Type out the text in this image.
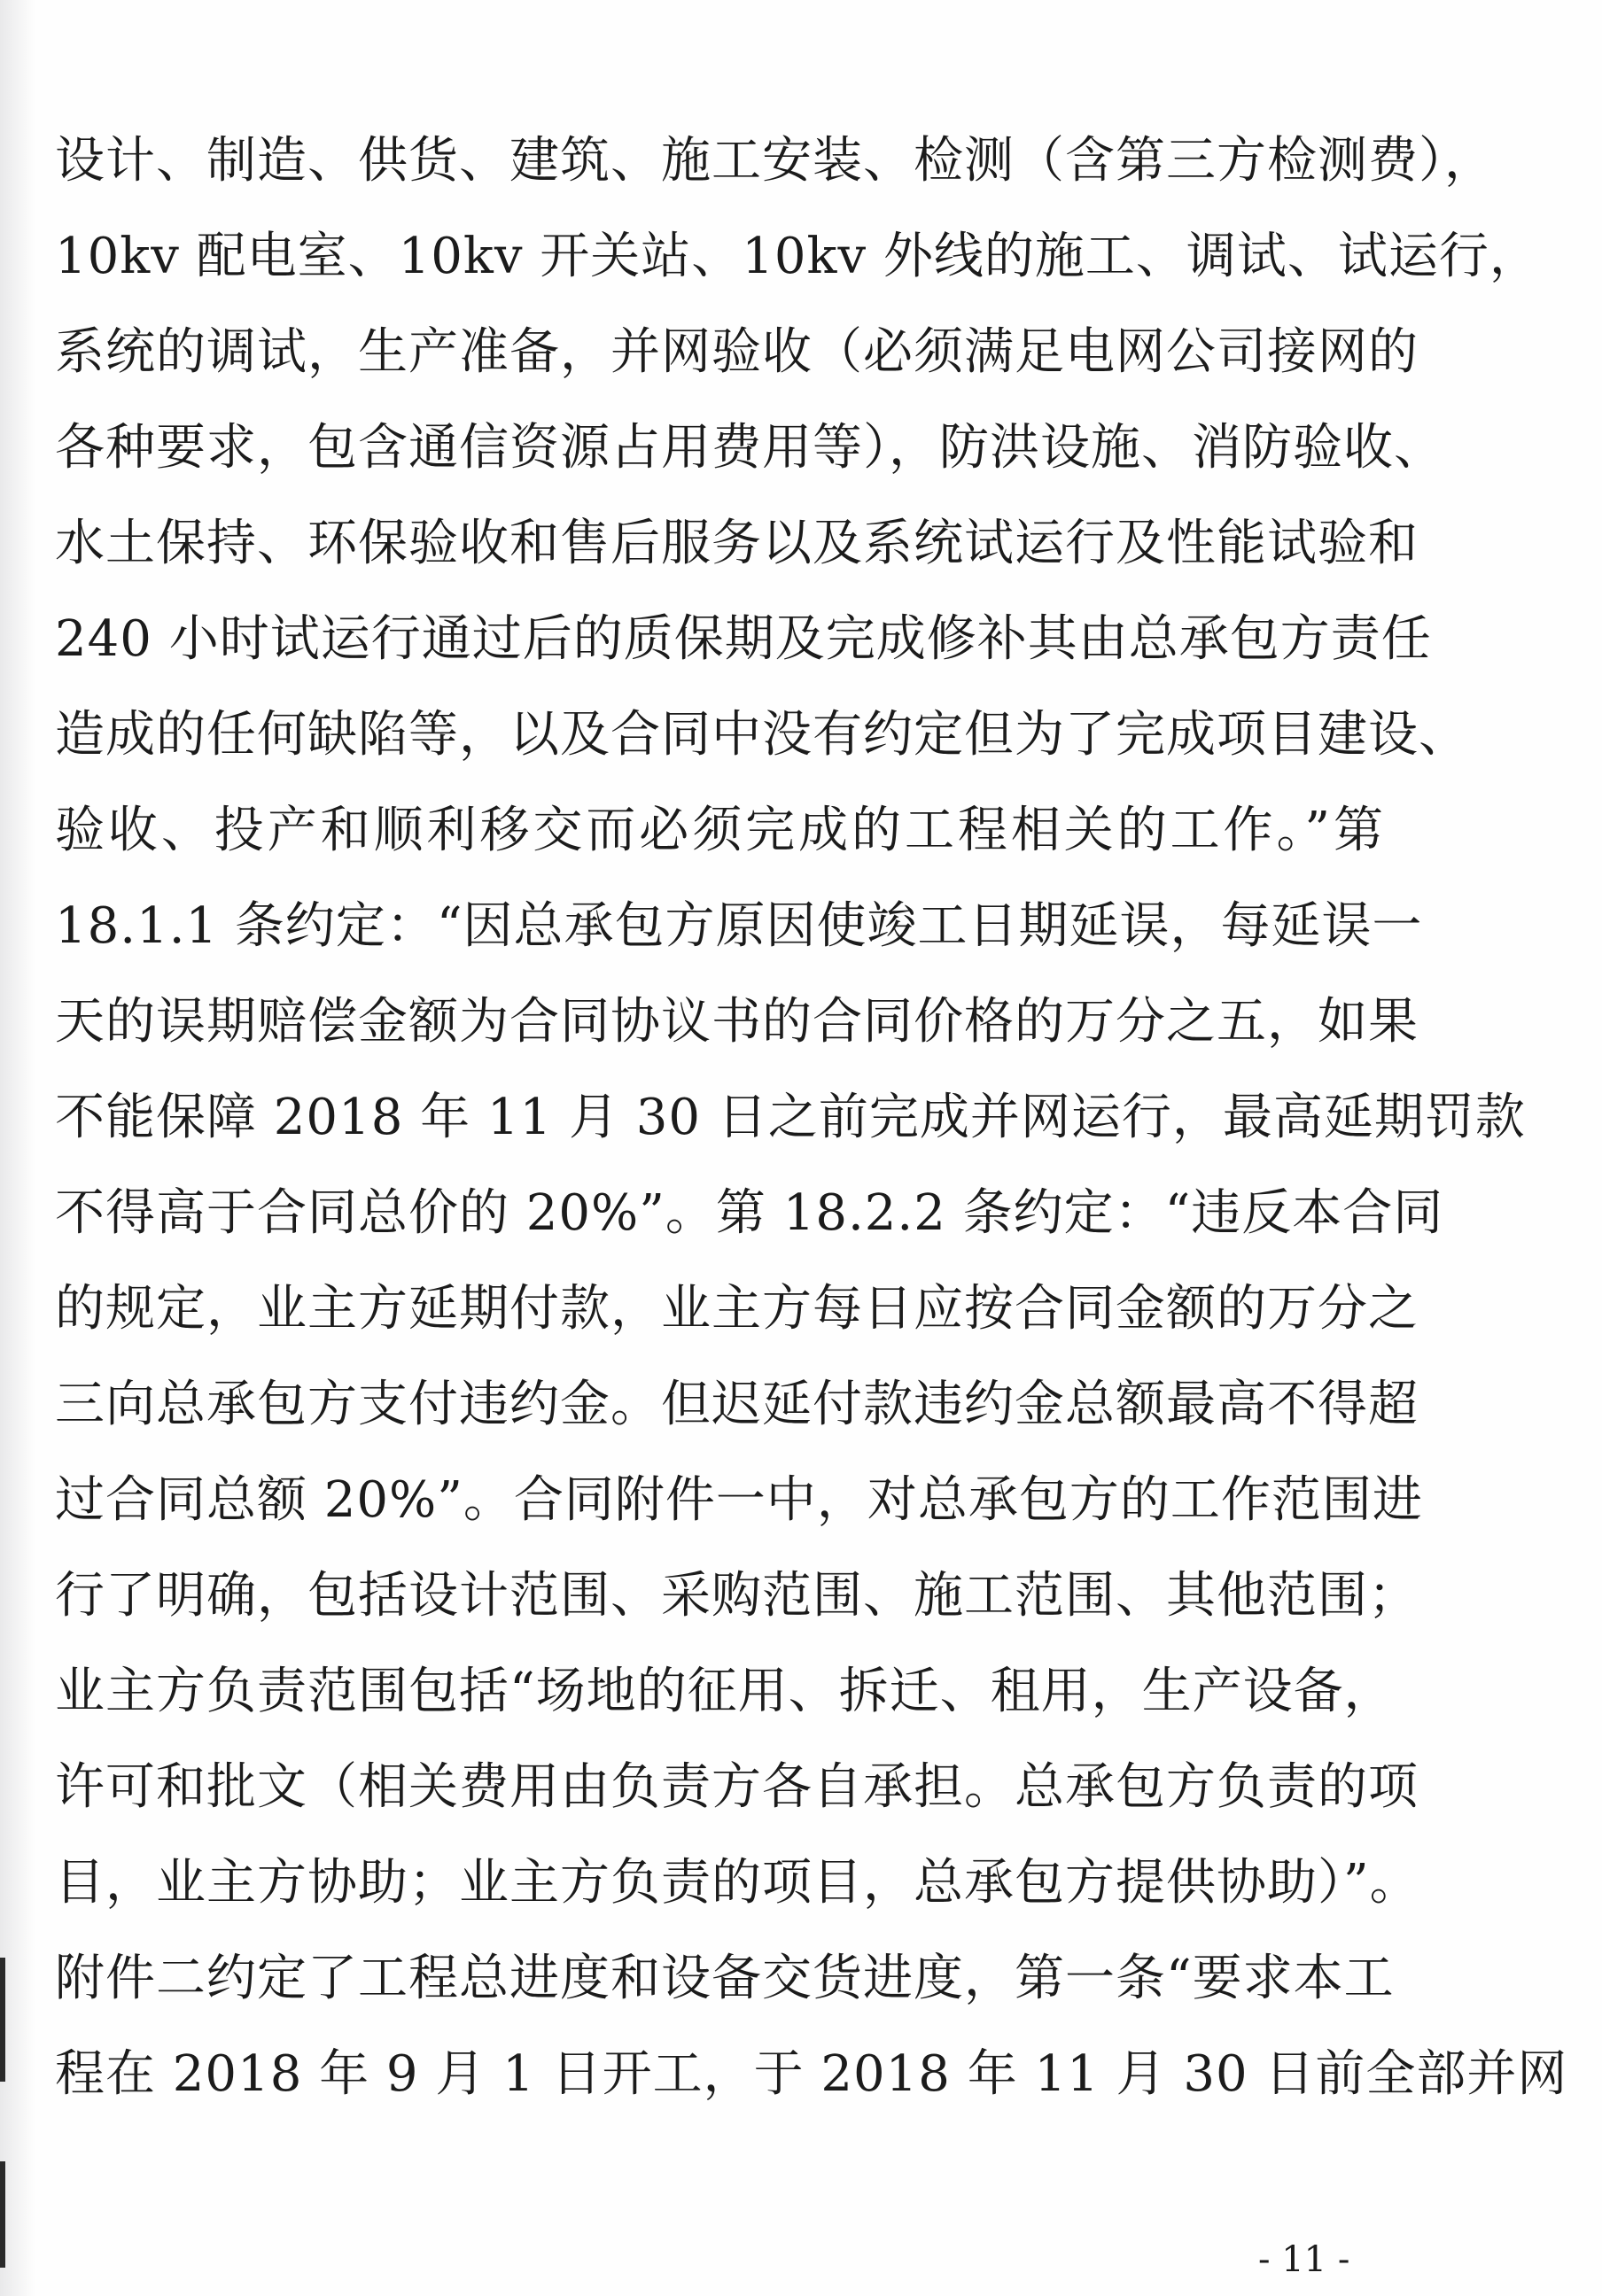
设计、制造、供货、建筑、施工安装、检测（含第三方检测费），
10kv 配电室、10kv 开关站、10kv 外线的施工、调试、试运行，
系统的调试，生产准备，并网验收（必须满足电网公司接网的
各种要求，包含通信资源占用费用等），防洪设施、消防验收、
水土保持、环保验收和售后服务以及系统试运行及性能试验和
240 小时试运行通过后的质保期及完成修补其由总承包方责任
造成的任何缺陷等，以及合同中没有约定但为了完成项目建设、
验收、投产和顺利移交而必须完成的工程相关的工作。”第
18.1.1 条约定：“因总承包方原因使竣工日期延误，每延误一
天的误期赔偿金额为合同协议书的合同价格的万分之五，如果
不能保障 2018 年 11 月 30 日之前完成并网运行，最高延期罚款
不得高于合同总价的 20%”。第 18.2.2 条约定：“违反本合同
的规定，业主方延期付款，业主方每日应按合同金额的万分之
三向总承包方支付违约金。但迟延付款违约金总额最高不得超
过合同总额 20%”。合同附件一中，对总承包方的工作范围进
行了明确，包括设计范围、采购范围、施工范围、其他范围；
业主方负责范围包括“场地的征用、拆迁、租用，生产设备，
许可和批文（相关费用由负责方各自承担。总承包方负责的项
目，业主方协助；业主方负责的项目，总承包方提供协助）”。
附件二约定了工程总进度和设备交货进度，第一条“要求本工
程在 2018 年 9 月 1 日开工，于 2018 年 11 月 30 日前全部并网
- 11 -
